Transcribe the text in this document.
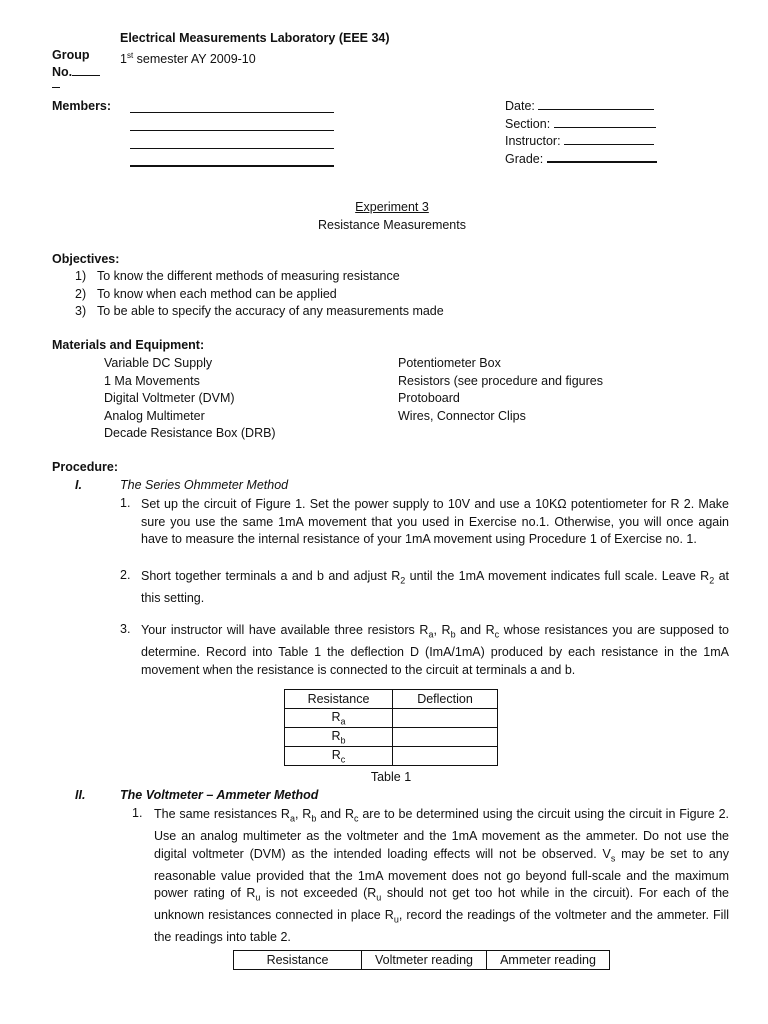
Electrical Measurements Laboratory (EEE 34)
Group 1st semester AY 2009-10
No.
Members:	Date:
Section:
Instructor:
Grade:
Experiment 3
Resistance Measurements
Objectives:
1) To know the different methods of measuring resistance
2) To know when each method can be applied
3) To be able to specify the accuracy of any measurements made
Materials and Equipment:
Variable DC Supply
1 Ma Movements
Digital Voltmeter (DVM)
Analog Multimeter
Decade Resistance Box (DRB)
Potentiometer Box
Resistors (see procedure and figures
Protoboard
Wires, Connector Clips
Procedure:
I.	The Series Ohmmeter Method
1. Set up the circuit of Figure 1. Set the power supply to 10V and use a 10KΩ potentiometer for R 2. Make sure you use the same 1mA movement that you used in Exercise no.1. Otherwise, you will once again have to measure the internal resistance of your 1mA movement using Procedure 1 of Exercise no. 1.
2. Short together terminals a and b and adjust $R_2$ until the 1mA movement indicates full scale. Leave $R_2$ at this setting.
3. Your instructor will have available three resistors $R_a$, $R_b$ and $R_c$ whose resistances you are supposed to determine. Record into Table 1 the deflection D (ImA/1mA) produced by each resistance in the 1mA movement when the resistance is connected to the circuit at terminals a and b.
Resistance	Deflection
$R_a$	
$R_b$	
$R_c$	
Table 1
II.	The Voltmeter – Ammeter Method
1. The same resistances $R_a$, $R_b$ and $R_c$ are to be determined using the circuit using the circuit in Figure 2. Use an analog multimeter as the voltmeter and the 1mA movement as the ammeter. Do not use the digital voltmeter (DVM) as the intended loading effects will not be observed. $V_s$ may be set to any reasonable value provided that the 1mA movement does not go beyond full-scale and the maximum power rating of $R_u$ is not exceeded ($R_u$ should not get too hot while in the circuit). For each of the unknown resistances connected in place $R_u$, record the readings of the voltmeter and the ammeter. Fill the readings into table 2.
Resistance	Voltmeter reading	Ammeter reading
